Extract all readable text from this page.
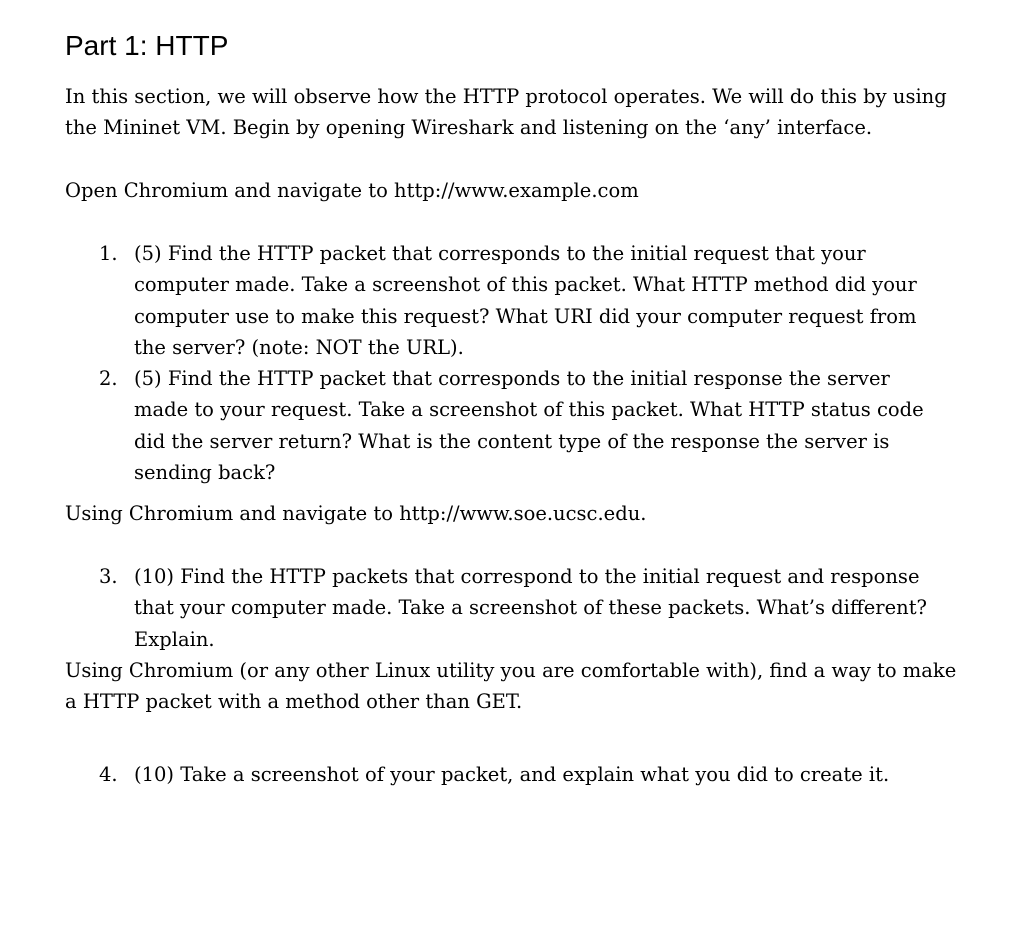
Part 1: HTTP

In this section, we will observe how the HTTP protocol operates. We will do this by using the Mininet VM. Begin by opening Wireshark and listening on the ‘any’ interface.

Open Chromium and navigate to http://www.example.com

1. (5) Find the HTTP packet that corresponds to the initial request that your computer made. Take a screenshot of this packet. What HTTP method did your computer use to make this request? What URI did your computer request from the server? (note: NOT the URL).
2. (5) Find the HTTP packet that corresponds to the initial response the server made to your request. Take a screenshot of this packet. What HTTP status code did the server return? What is the content type of the response the server is sending back?

Using Chromium and navigate to http://www.soe.ucsc.edu.

3. (10) Find the HTTP packets that correspond to the initial request and response that your computer made. Take a screenshot of these packets. What’s different? Explain.

Using Chromium (or any other Linux utility you are comfortable with), find a way to make a HTTP packet with a method other than GET.

4. (10) Take a screenshot of your packet, and explain what you did to create it.
